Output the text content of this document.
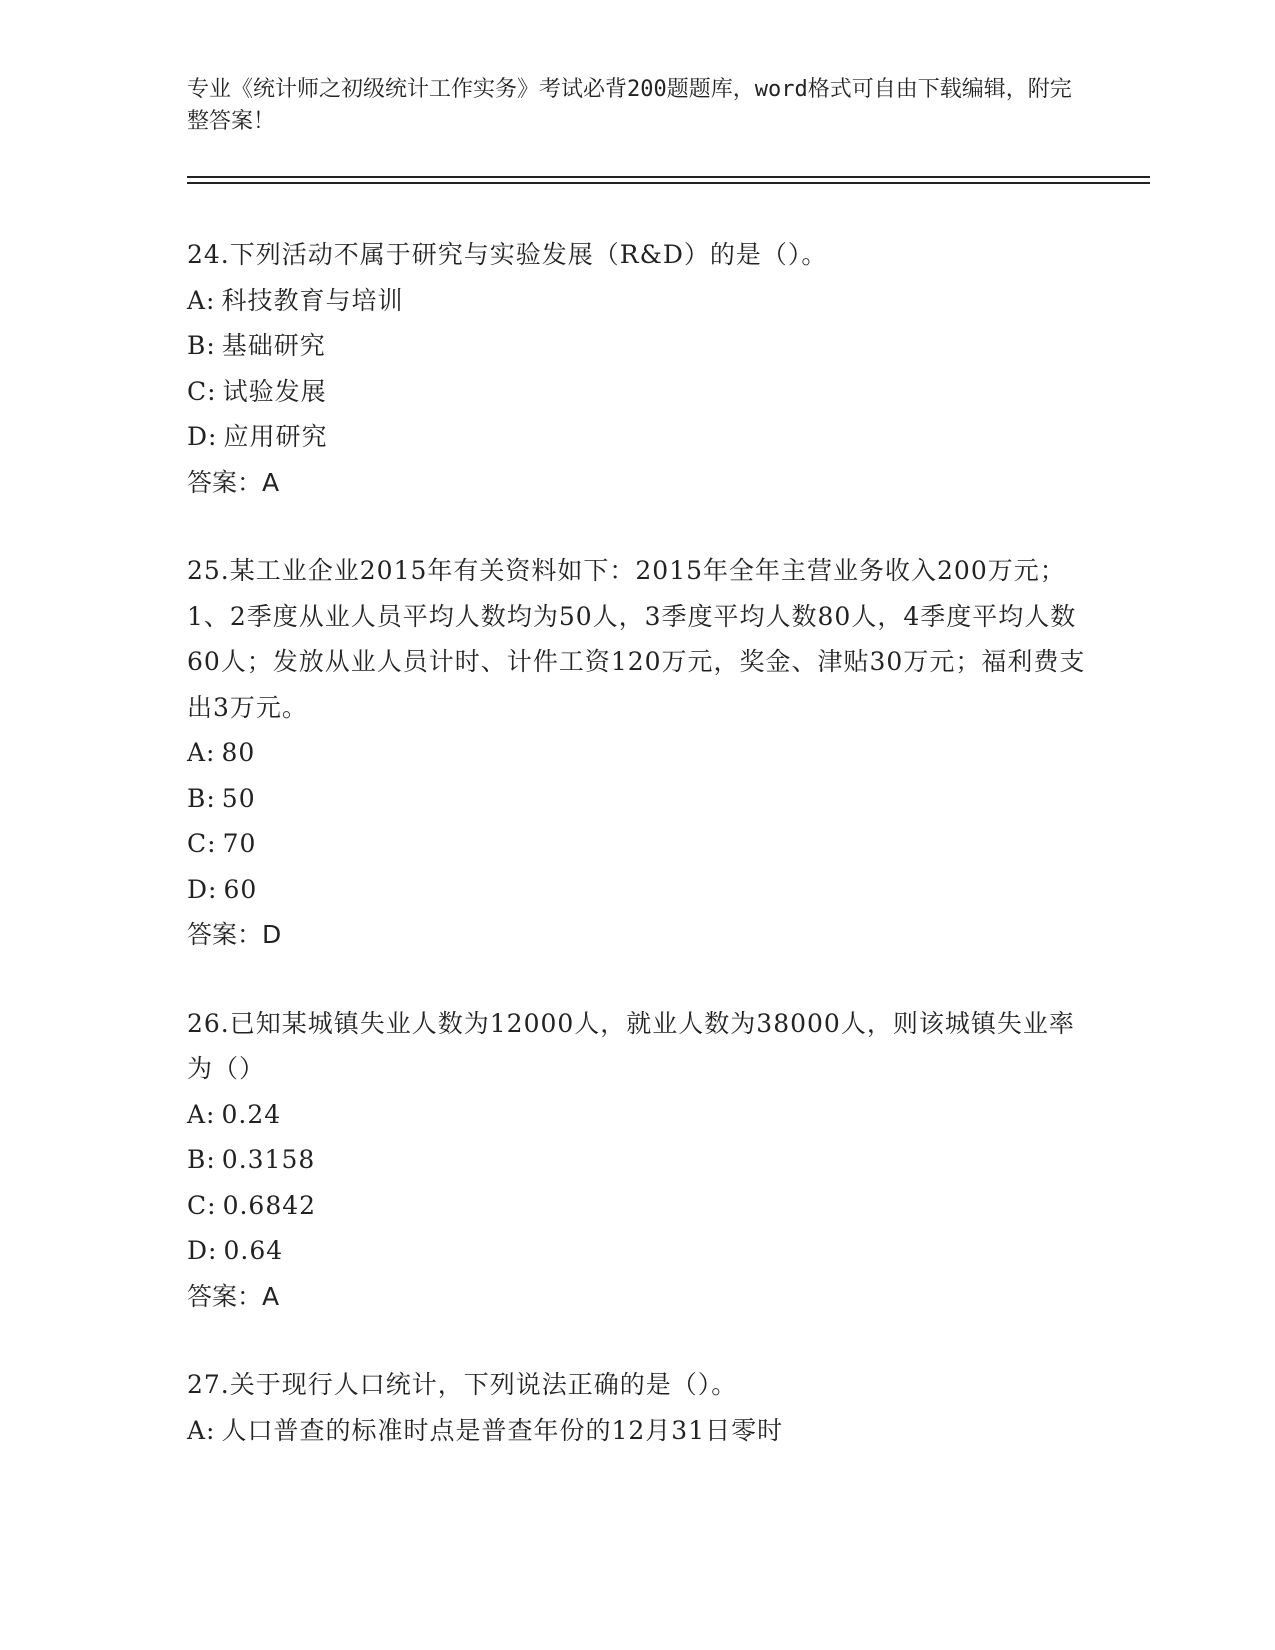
专业《统计师之初级统计工作实务》考试必背200题题库，word格式可自由下载编辑，附完整答案！
24.下列活动不属于研究与实验发展（R&D）的是（）。
A: 科技教育与培训
B: 基础研究
C: 试验发展
D: 应用研究
答案：A
25.某工业企业2015年有关资料如下：2015年全年主营业务收入200万元；1、2季度从业人员平均人数均为50人，3季度平均人数80人，4季度平均人数60人；发放从业人员计时、计件工资120万元，奖金、津贴30万元；福利费支出3万元。
A: 80
B: 50
C: 70
D: 60
答案：D
26.已知某城镇失业人数为12000人，就业人数为38000人，则该城镇失业率为（）
A: 0.24
B: 0.3158
C: 0.6842
D: 0.64
答案：A
27.关于现行人口统计，下列说法正确的是（）。
A: 人口普查的标准时点是普查年份的12月31日零时
